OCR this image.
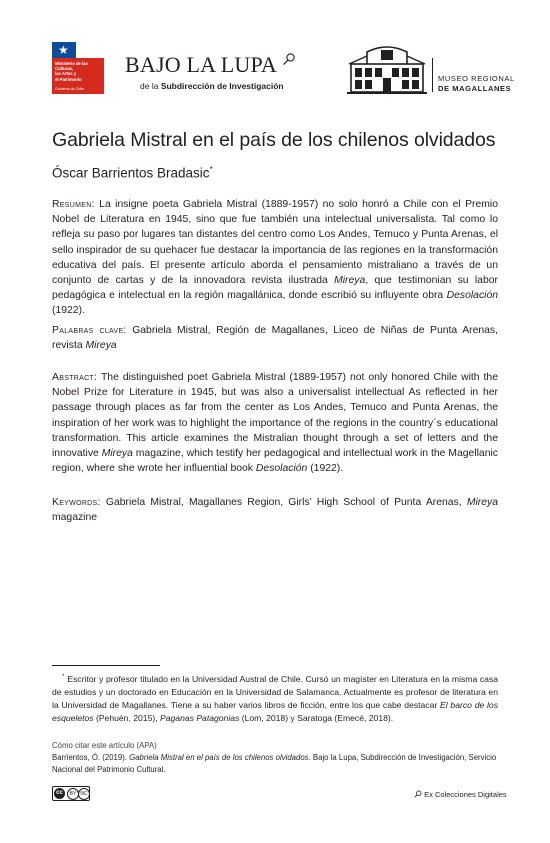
★
Ministerio de las Culturas,
las Artes y
el Patrimonio
Gobierno de Chile
BAJO LA LUPA
de la Subdirección de Investigación
MUSEO REGIONAL
DE MAGALLANES
Gabriela Mistral en el país de los chilenos olvidados
Óscar Barrientos Bradasic*
Resumen: La insigne poeta Gabriela Mistral (1889-1957) no solo honró a Chile con el Premio Nobel de Literatura en 1945, sino que fue también una intelectual universalista. Tal como lo refleja su paso por lugares tan distantes del centro como Los Andes, Temuco y Punta Arenas, el sello inspirador de su quehacer fue destacar la importancia de las regiones en la transformación educativa del país. El presente artículo aborda el pensamiento mistraliano a través de un conjunto de cartas y de la innovadora revista ilustrada Mireya, que testimonian su labor pedagógica e intelectual en la región magallánica, donde escribió su influyente obra Desolación (1922).
Palabras clave: Gabriela Mistral, Región de Magallanes, Liceo de Niñas de Punta Arenas, revista Mireya
Abstract: The distinguished poet Gabriela Mistral (1889-1957) not only honored Chile with the Nobel Prize for Literature in 1945, but was also a universalist intellectual As reflected in her passage through places as far from the center as Los Andes, Temuco and Punta Arenas, the inspiration of her work was to highlight the importance of the regions in the country´s educational transformation. This article examines the Mistralian thought through a set of letters and the innovative Mireya magazine, which testify her pedagogical and intellectual work in the Magellanic region, where she wrote her influential book Desolación (1922).
Keywords: Gabriela Mistral, Magallanes Region, Girls’ High School of Punta Arenas, Mireya magazine
* Escritor y profesor titulado en la Universidad Austral de Chile. Cursó un magíster en Literatura en la misma casa de estudios y un doctorado en Educación en la Universidad de Salamanca. Actualmente es profesor de literatura en la Universidad de Magallanes. Tiene a su haber varios libros de ficción, entre los que cabe destacar El barco de los esqueletos (Pehuén, 2015), Paganas Patagonias (Lom, 2018) y Saratoga (Emecé, 2018).
Cómo citar este artículo (APA)
Barrientos, Ó. (2019). Gabriela Mistral en el país de los chilenos olvidados. Bajo la Lupa, Subdirección de Investigación, Servicio Nacional del Patrimonio Cultural.
cc	BY NC	Ex Colecciones Digitales
